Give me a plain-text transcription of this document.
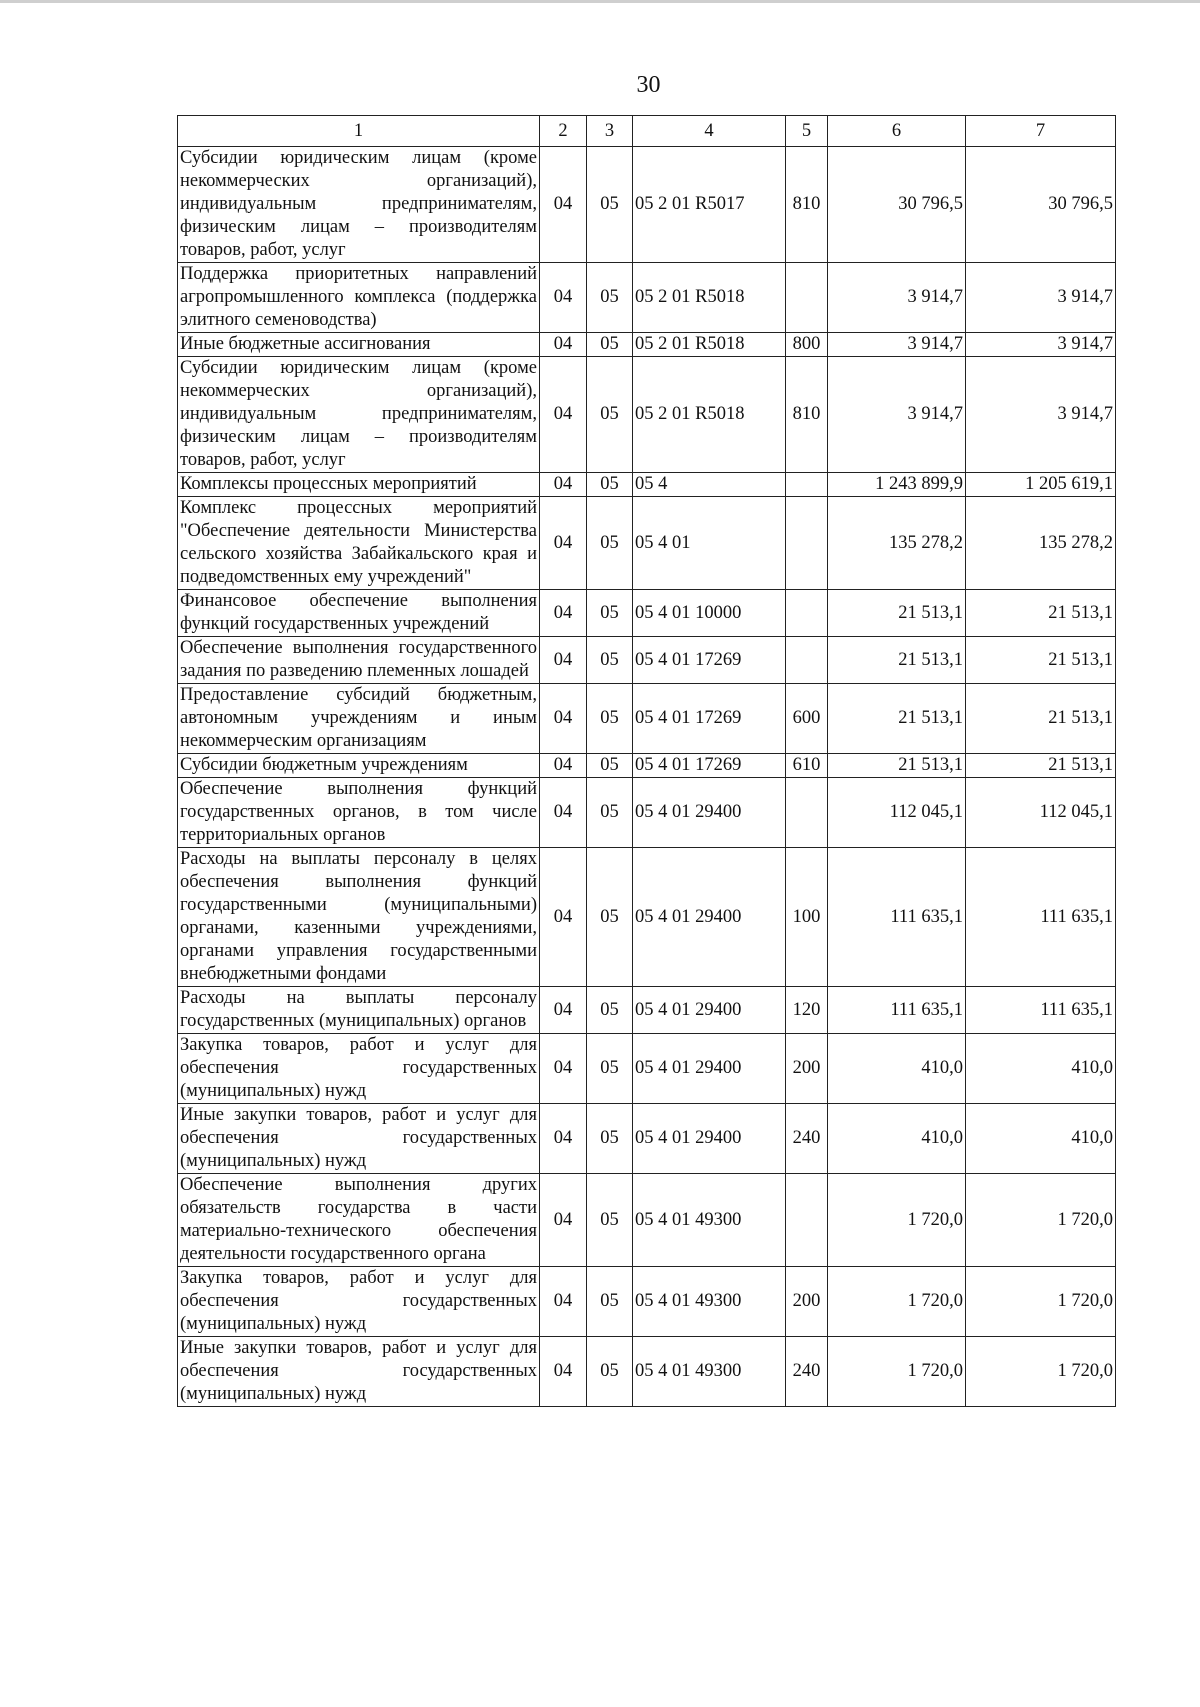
30
1	2	3	4	5	6	7
Субсидии юридическим лицам (кроме некоммерческих организаций), индивидуальным предпринимателям, физическим лицам – производителям товаров, работ, услуг	04	05	05 2 01 R5017	810	30 796,5	30 796,5
Поддержка приоритетных направлений агропромышленного комплекса (поддержка элитного семеноводства)	04	05	05 2 01 R5018		3 914,7	3 914,7
Иные бюджетные ассигнования	04	05	05 2 01 R5018	800	3 914,7	3 914,7
Субсидии юридическим лицам (кроме некоммерческих организаций), индивидуальным предпринимателям, физическим лицам – производителям товаров, работ, услуг	04	05	05 2 01 R5018	810	3 914,7	3 914,7
Комплексы процессных мероприятий	04	05	05 4		1 243 899,9	1 205 619,1
Комплекс процессных мероприятий "Обеспечение деятельности Министерства сельского хозяйства Забайкальского края и подведомственных ему учреждений"	04	05	05 4 01		135 278,2	135 278,2
Финансовое обеспечение выполнения функций государственных учреждений	04	05	05 4 01 10000		21 513,1	21 513,1
Обеспечение выполнения государственного задания по разведению племенных лошадей	04	05	05 4 01 17269		21 513,1	21 513,1
Предоставление субсидий бюджетным, автономным учреждениям и иным некоммерческим организациям	04	05	05 4 01 17269	600	21 513,1	21 513,1
Субсидии бюджетным учреждениям	04	05	05 4 01 17269	610	21 513,1	21 513,1
Обеспечение выполнения функций государственных органов, в том числе территориальных органов	04	05	05 4 01 29400		112 045,1	112 045,1
Расходы на выплаты персоналу в целях обеспечения выполнения функций государственными (муниципальными) органами, казенными учреждениями, органами управления государственными внебюджетными фондами	04	05	05 4 01 29400	100	111 635,1	111 635,1
Расходы на выплаты персоналу государственных (муниципальных) органов	04	05	05 4 01 29400	120	111 635,1	111 635,1
Закупка товаров, работ и услуг для обеспечения государственных (муниципальных) нужд	04	05	05 4 01 29400	200	410,0	410,0
Иные закупки товаров, работ и услуг для обеспечения государственных (муниципальных) нужд	04	05	05 4 01 29400	240	410,0	410,0
Обеспечение выполнения других обязательств государства в части материально-технического обеспечения деятельности государственного органа	04	05	05 4 01 49300		1 720,0	1 720,0
Закупка товаров, работ и услуг для обеспечения государственных (муниципальных) нужд	04	05	05 4 01 49300	200	1 720,0	1 720,0
Иные закупки товаров, работ и услуг для обеспечения государственных (муниципальных) нужд	04	05	05 4 01 49300	240	1 720,0	1 720,0
